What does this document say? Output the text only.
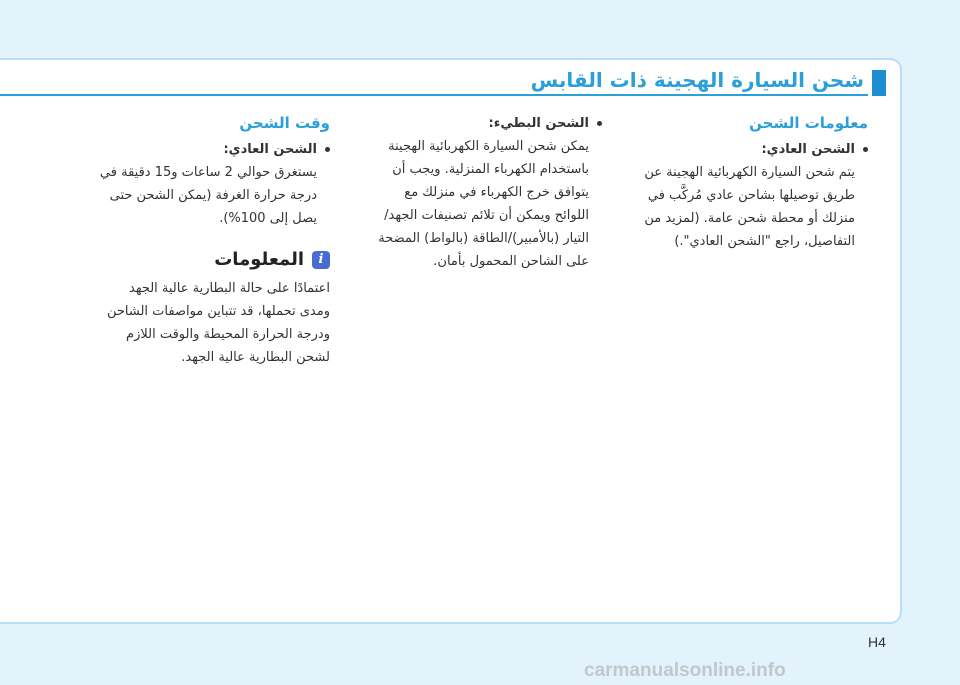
شحن السيارة الهجينة ذات القابس
معلومات الشحن
الشحن العادي:
يتم شحن السيارة الكهربائية الهجينة عن طريق توصيلها بشاحن عادي مُركَّب في منزلك أو محطة شحن عامة. (لمزيد من التفاصيل، راجع "الشحن العادي".)
الشحن البطيء:
يمكن شحن السيارة الكهربائية الهجينة باستخدام الكهرباء المنزلية. ويجب أن يتوافق خرج الكهرباء في منزلك مع اللوائح ويمكن أن تلائم تصنيفات الجهد/التيار (بالأمبير)/الطاقة (بالواط) المضحة على الشاحن المحمول بأمان.
وقت الشحن
الشحن العادي:
يستغرق حوالي 2 ساعات و15 دقيقة في درجة حرارة الغرفة (يمكن الشحن حتى يصل إلى 100%).
i
المعلومات
اعتمادًا على حالة البطارية عالية الجهد ومدى تحملها، قد تتباين مواصفات الشاحن ودرجة الحرارة المحيطة والوقت اللازم لشحن البطارية عالية الجهد.
H4
carmanualsonline.info
